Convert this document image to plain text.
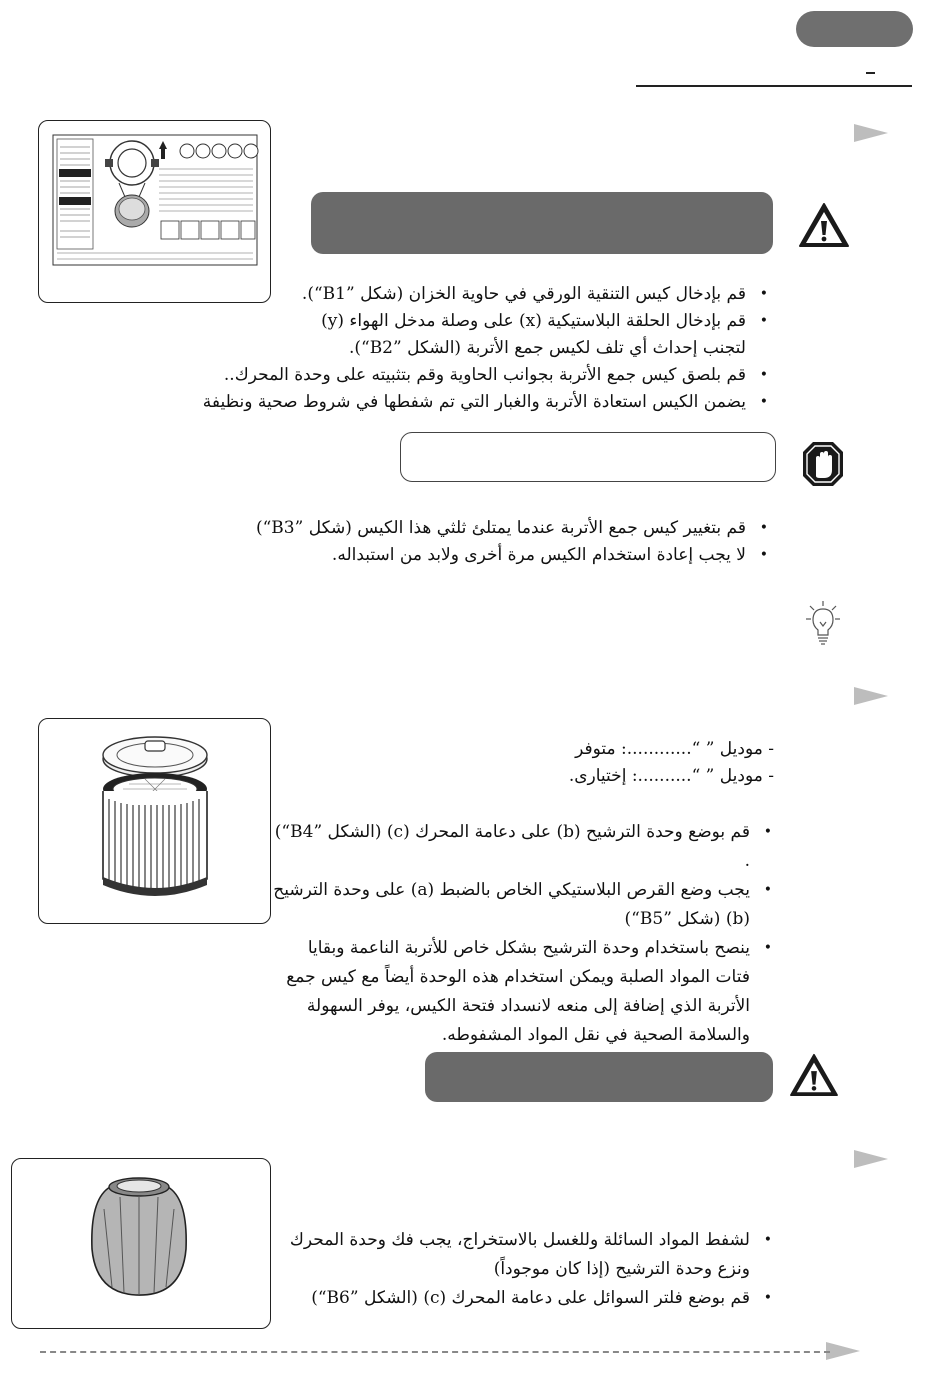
• قم بإدخال كيس التنقية الورقي في حاوية الخزان (شكل ”B1“).
• قم بإدخال الحلقة البلاستيكية (x) على وصلة مدخل الهواء (y)

لتجنب إحداث أي تلف لكيس جمع الأتربة (الشكل ”B2“).

• قم بلصق كيس جمع الأتربة بجوانب الحاوية وقم بتثبيته على وحدة المحرك..
• يضمن الكيس استعادة الأتربة والغبار التي تم شفطها في شروط صحية ونظيفة
• قم بتغيير كيس جمع الأتربة عندما يمتلئ ثلثي هذا الكيس (شكل ”B3“)
• لا يجب إعادة استخدام الكيس مرة أخرى ولابد من استبداله.

- موديل ” “............: متوفر

- موديل ” “..........: إختيارى.

• قم بوضع وحدة الترشيح (b) على دعامة المحرك (c) (الشكل ”B4“) .
• يجب وضع القرص البلاستيكي الخاص بالضبط (a) على وحدة الترشيح (b) (شكل ”B5“)
• ينصح باستخدام وحدة الترشيح بشكل خاص للأتربة الناعمة وبقايا فتات المواد الصلبة ويمكن استخدام هذه الوحدة أيضاً مع كيس جمع الأتربة الذي إضافة إلى منعه لانسداد فتحة الكيس، يوفر السهولة والسلامة الصحية في نقل المواد المشفوطه.
• لشفط المواد السائلة وللغسل بالاستخراج، يجب فك وحدة المحرك ونزع وحدة الترشيح (إذا كان موجوداً)
• قم بوضع فلتر السوائل على دعامة المحرك (c) (الشكل ”B6“)
